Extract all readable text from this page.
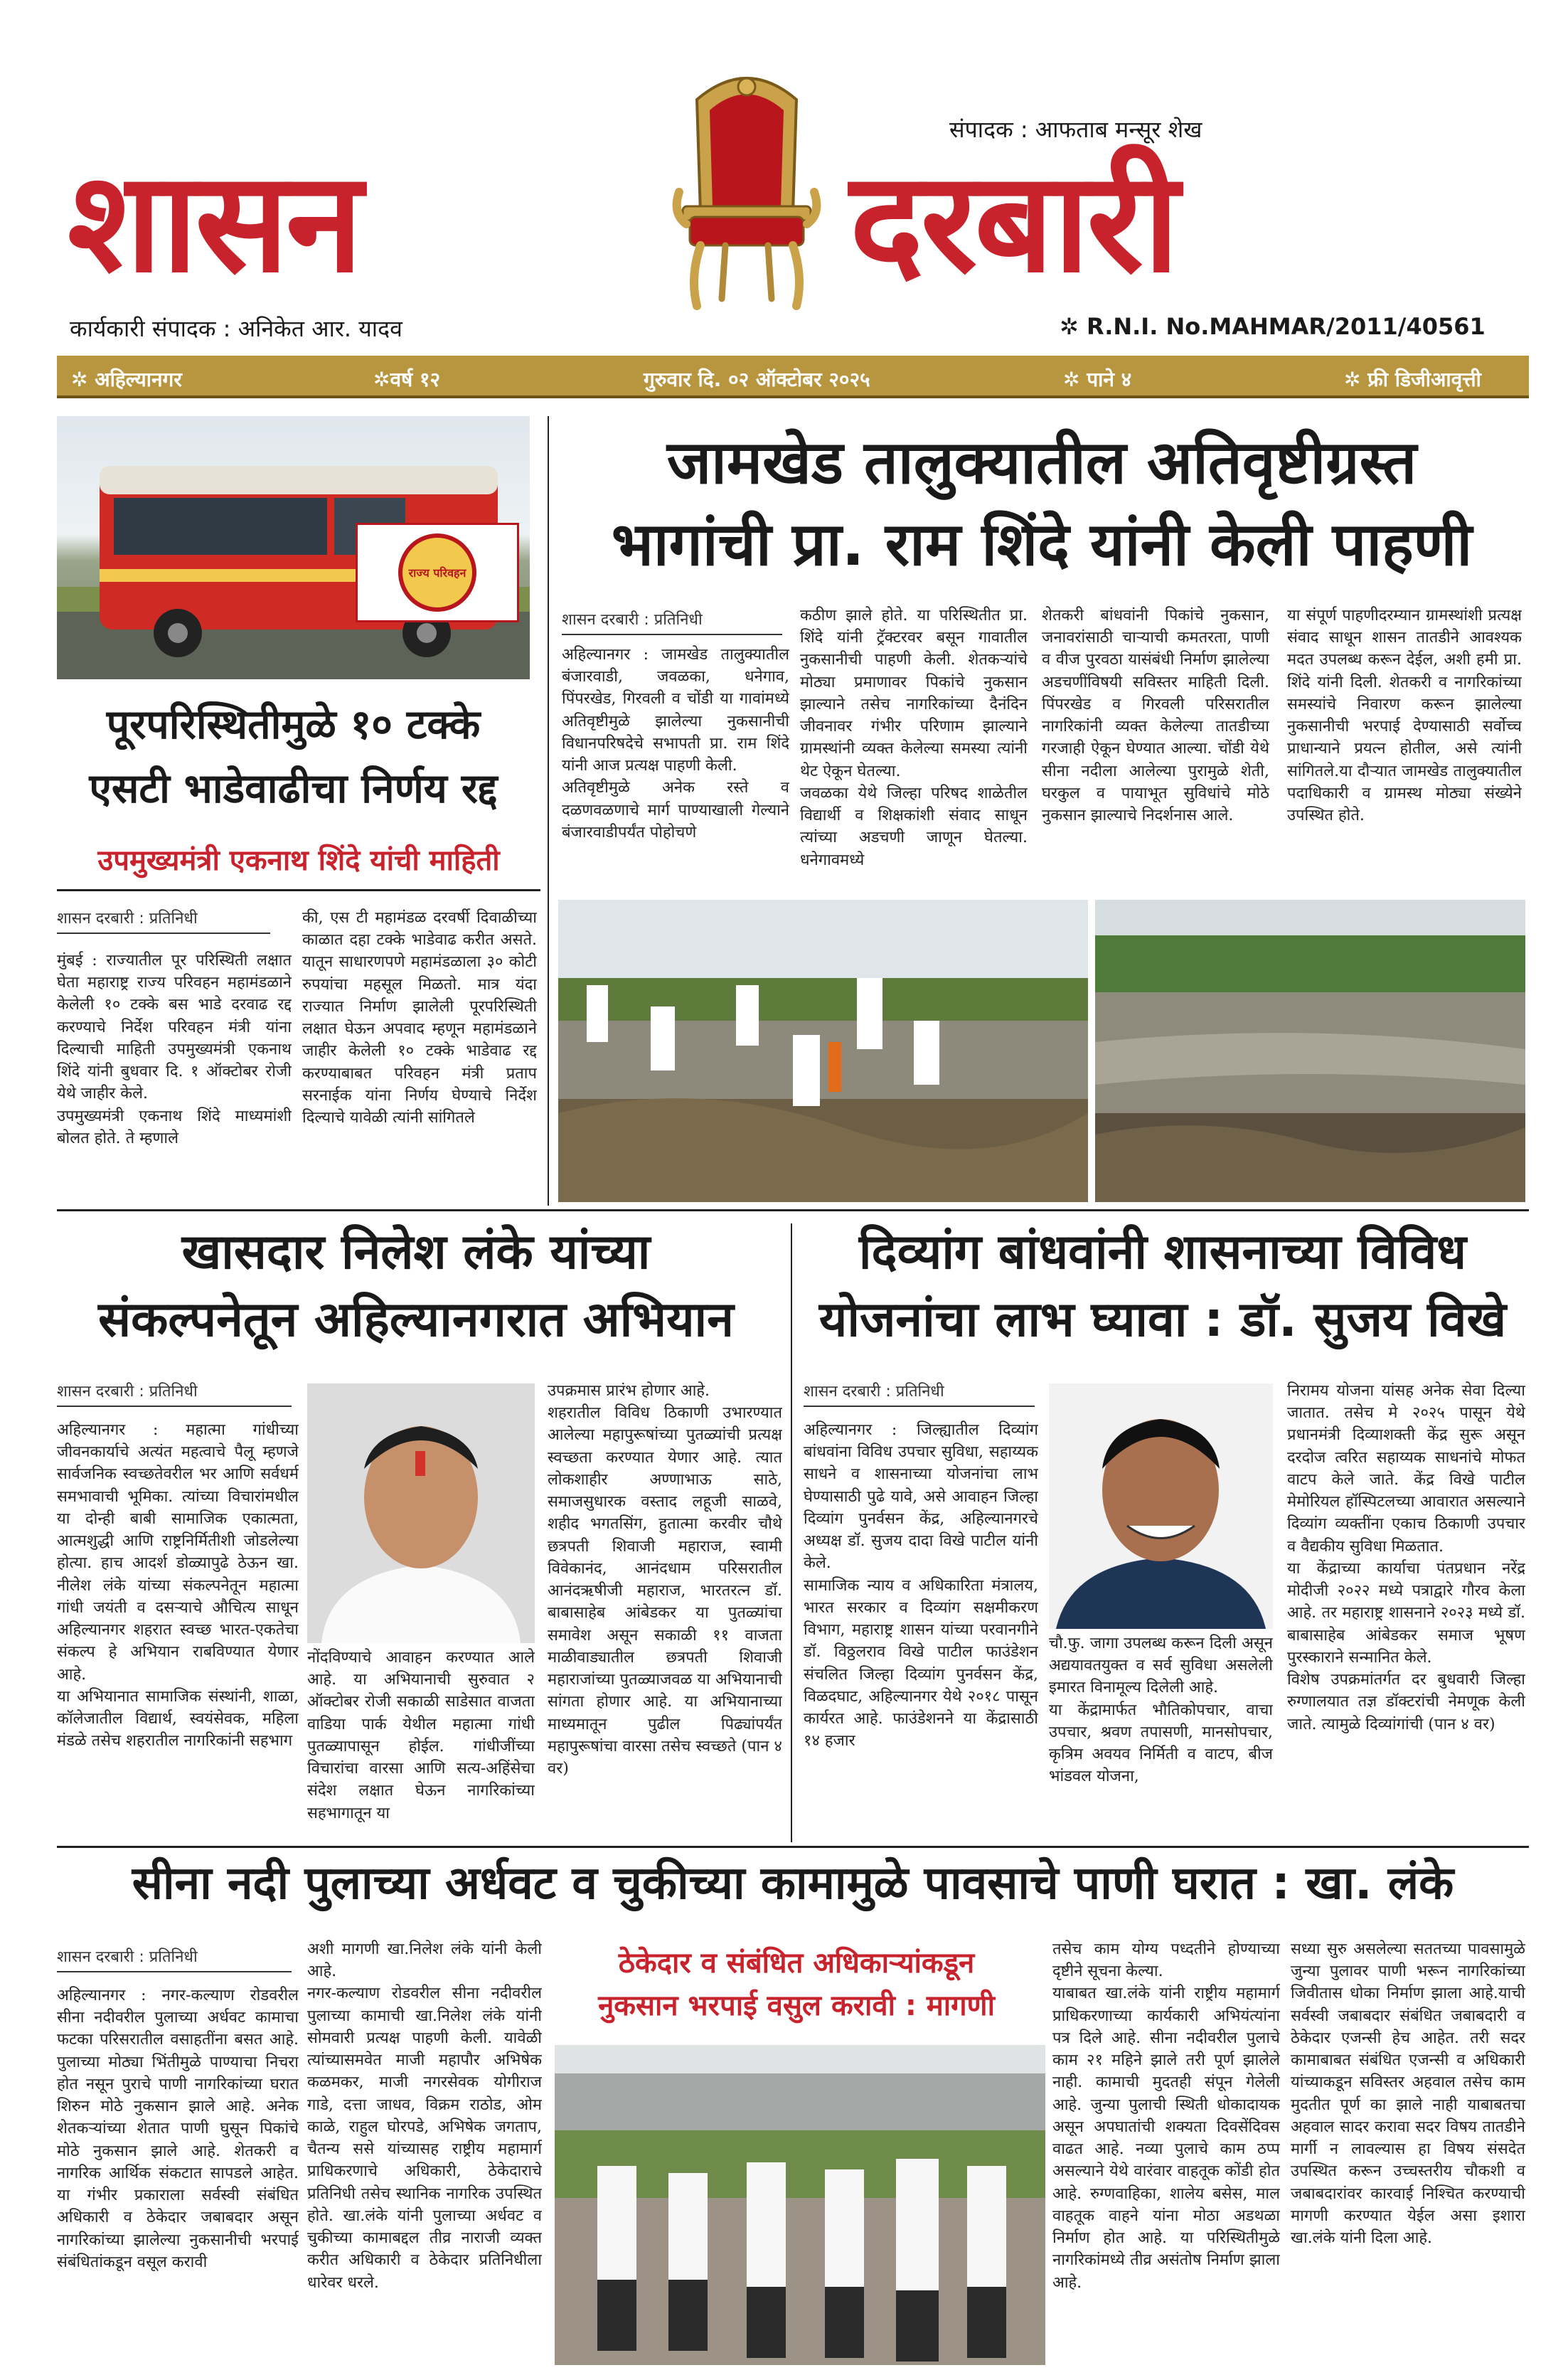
संपादक : आफताब मन्सूर शेख
शासन	दरबारी
कार्यकारी संपादक : अनिकेत आर. यादव	✲ R.N.I. No.MAHMAR/2011/40561
✲ अहिल्यानगर	✲वर्ष १२	गुरुवार दि. ०२ ऑक्टोबर २०२५	✲ पाने ४	✲ फ्री डिजीआवृत्ती
राज्य परिवहन
पूरपरिस्थितीमुळे १० टक्के
एसटी भाडेवाढीचा निर्णय रद्द
उपमुख्यमंत्री एकनाथ शिंदे यांची माहिती
शासन दरबारी : प्रतिनिधी
मुंबई : राज्यातील पूर परिस्थिती लक्षात घेता महाराष्ट्र राज्य परिवहन महामंडळाने केलेली १० टक्के बस भाडे दरवाढ रद्द करण्याचे निर्देश परिवहन मंत्री यांना दिल्याची माहिती उपमुख्यमंत्री एकनाथ शिंदे यांनी बुधवार दि. १ ऑक्टोबर रोजी येथे जाहीर केले.
उपमुख्यमंत्री एकनाथ शिंदे माध्यमांशी बोलत होते. ते म्हणाले
की, एस टी महामंडळ दरवर्षी दिवाळीच्या काळात दहा टक्के भाडेवाढ करीत असते. यातून साधारणपणे महामंडळाला ३० कोटी रुपयांचा महसूल मिळतो. मात्र यंदा राज्यात निर्माण झालेली पूरपरिस्थिती लक्षात घेऊन अपवाद म्हणून महामंडळाने जाहीर केलेली १० टक्के भाडेवाढ रद्द करण्याबाबत परिवहन मंत्री प्रताप सरनाईक यांना निर्णय घेण्याचे निर्देश दिल्याचे यावेळी त्यांनी सांगितले
जामखेड तालुक्यातील अतिवृष्टीग्रस्त
भागांची प्रा. राम शिंदे यांनी केली पाहणी
शासन दरबारी : प्रतिनिधी
अहिल्यानगर : जामखेड तालुक्यातील बंजारवाडी, जवळका, धनेगाव, पिंपरखेड, गिरवली व चोंडी या गावांमध्ये अतिवृष्टीमुळे झालेल्या नुकसानीची विधानपरिषदेचे सभापती प्रा. राम शिंदे यांनी आज प्रत्यक्ष पाहणी केली.
अतिवृष्टीमुळे अनेक रस्ते व दळणवळणाचे मार्ग पाण्याखाली गेल्याने बंजारवाडीपर्यंत पोहोचणे
कठीण झाले होते. या परिस्थितीत प्रा. शिंदे यांनी ट्रॅक्टरवर बसून गावातील नुकसानीची पाहणी केली. शेतकऱ्यांचे मोठ्या प्रमाणावर पिकांचे नुकसान झाल्याने तसेच नागरिकांच्या दैनंदिन जीवनावर गंभीर परिणाम झाल्याने ग्रामस्थांनी व्यक्त केलेल्या समस्या त्यांनी थेट ऐकून घेतल्या.
जवळका येथे जिल्हा परिषद शाळेतील विद्यार्थी व शिक्षकांशी संवाद साधून त्यांच्या अडचणी जाणून घेतल्या. धनेगावमध्ये
शेतकरी बांधवांनी पिकांचे नुकसान, जनावरांसाठी चाऱ्याची कमतरता, पाणी व वीज पुरवठा यासंबंधी निर्माण झालेल्या अडचणींविषयी सविस्तर माहिती दिली. पिंपरखेड व गिरवली परिसरातील नागरिकांनी व्यक्त केलेल्या तातडीच्या गरजाही ऐकून घेण्यात आल्या. चोंडी येथे सीना नदीला आलेल्या पुरामुळे शेती, घरकुल व पायाभूत सुविधांचे मोठे नुकसान झाल्याचे निदर्शनास आले.
या संपूर्ण पाहणीदरम्यान ग्रामस्थांशी प्रत्यक्ष संवाद साधून शासन तातडीने आवश्यक मदत उपलब्ध करून देईल, अशी हमी प्रा. शिंदे यांनी दिली. शेतकरी व नागरिकांच्या समस्यांचे निवारण करून झालेल्या नुकसानीची भरपाई देण्यासाठी सर्वोच्च प्राधान्याने प्रयत्न होतील, असे त्यांनी सांगितले.या दौऱ्यात जामखेड तालुक्यातील पदाधिकारी व ग्रामस्थ मोठ्या संख्येने उपस्थित होते.
खासदार निलेश लंके यांच्या
संकल्पनेतून अहिल्यानगरात अभियान
शासन दरबारी : प्रतिनिधी
अहिल्यानगर : महात्मा गांधीच्या जीवनकार्याचे अत्यंत महत्वाचे पैलू म्हणजे सार्वजनिक स्वच्छतेवरील भर आणि सर्वधर्म समभावाची भूमिका. त्यांच्या विचारांमधील या दोन्ही बाबी सामाजिक एकात्मता, आत्मशुद्धी आणि राष्ट्रनिर्मितीशी जोडलेल्या होत्या. हाच आदर्श डोळ्यापुढे ठेऊन खा. नीलेश लंके यांच्या संकल्पनेतून महात्मा गांधी जयंती व दसऱ्याचे औचित्य साधून अहिल्यानगर शहरात स्वच्छ भारत-एकतेचा संकल्प हे अभियान राबविण्यात येणार आहे.
या अभियानात सामाजिक संस्थांनी, शाळा, कॉलेजातील विद्यार्थ, स्वयंसेवक, महिला मंडळे तसेच शहरातील नागरिकांनी सहभाग
नोंदविण्याचे आवाहन करण्यात आले आहे. या अभियानाची सुरुवात २ ऑक्टोबर रोजी सकाळी साडेसात वाजता वाडिया पार्क येथील महात्मा गांधी पुतळ्यापासून होईल. गांधीजींच्या विचारांचा वारसा आणि सत्य-अहिंसेचा संदेश लक्षात घेऊन नागरिकांच्या सहभागातून या
उपक्रमास प्रारंभ होणार आहे.
शहरातील विविध ठिकाणी उभारण्यात आलेल्या महापुरूषांच्या पुतळ्यांची प्रत्यक्ष स्वच्छता करण्यात येणार आहे. त्यात लोकशाहीर अण्णाभाऊ साठे, समाजसुधारक वस्ताद लहूजी साळवे, शहीद भगतसिंग, हुतात्मा करवीर चौथे छत्रपती शिवाजी महाराज, स्वामी विवेकानंद, आनंदधाम परिसरातील आनंदऋषीजी महाराज, भारतरत्न डॉ. बाबासाहेब आंबेडकर या पुतळ्यांचा समावेश असून सकाळी ११ वाजता माळीवाड्यातील छत्रपती शिवाजी महाराजांच्या पुतळ्याजवळ या अभियानाची सांगता होणार आहे. या अभियानाच्या माध्यमातून पुढील पिढ्यांपर्यंत महापुरूषांचा वारसा तसेच स्वच्छते (पान ४ वर)
दिव्यांग बांधवांनी शासनाच्या विविध
योजनांचा लाभ घ्यावा : डॉ. सुजय विखे
शासन दरबारी : प्रतिनिधी
अहिल्यानगर : जिल्ह्यातील दिव्यांग बांधवांना विविध उपचार सुविधा, सहाय्यक साधने व शासनाच्या योजनांचा लाभ घेण्यासाठी पुढे यावे, असे आवाहन जिल्हा दिव्यांग पुनर्वसन केंद्र, अहिल्यानगरचे अध्यक्ष डॉ. सुजय दादा विखे पाटील यांनी केले.
सामाजिक न्याय व अधिकारिता मंत्रालय, भारत सरकार व दिव्यांग सक्षमीकरण विभाग, महाराष्ट्र शासन यांच्या परवानगीने डॉ. विठ्ठलराव विखे पाटील फाउंडेशन संचलित जिल्हा दिव्यांग पुनर्वसन केंद्र, विळदघाट, अहिल्यानगर येथे २०१८ पासून कार्यरत आहे. फाउंडेशनने या केंद्रासाठी १४ हजार
चौ.फु. जागा उपलब्ध करून दिली असून अद्ययावतयुक्त व सर्व सुविधा असलेली इमारत विनामूल्य दिलेली आहे.
या केंद्रामार्फत भौतिकोपचार, वाचा उपचार, श्रवण तपासणी, मानसोपचार, कृत्रिम अवयव निर्मिती व वाटप, बीज भांडवल योजना,
निरामय योजना यांसह अनेक सेवा दिल्या जातात. तसेच मे २०२५ पासून येथे प्रधानमंत्री दिव्याशक्ती केंद्र सुरू असून दरदोज त्वरित सहाय्यक साधनांचे मोफत वाटप केले जाते. केंद्र विखे पाटील मेमोरियल हॉस्पिटलच्या आवारात असल्याने दिव्यांग व्यक्तींना एकाच ठिकाणी उपचार व वैद्यकीय सुविधा मिळतात.
या केंद्राच्या कार्याचा पंतप्रधान नरेंद्र मोदीजी २०२२ मध्ये पत्राद्वारे गौरव केला आहे. तर महाराष्ट्र शासनाने २०२३ मध्ये डॉ. बाबासाहेब आंबेडकर समाज भूषण पुरस्काराने सन्मानित केले.
विशेष उपक्रमांतर्गत दर बुधवारी जिल्हा रुग्णालयात तज्ञ डॉक्टरांची नेमणूक केली जाते. त्यामुळे दिव्यांगांची (पान ४ वर)
सीना नदी पुलाच्या अर्धवट व चुकीच्या कामामुळे पावसाचे पाणी घरात : खा. लंके
शासन दरबारी : प्रतिनिधी
अहिल्यानगर : नगर-कल्याण रोडवरील सीना नदीवरील पुलाच्या अर्धवट कामाचा फटका परिसरातील वसाहतींना बसत आहे. पुलाच्या मोठ्या भिंतीमुळे पाण्याचा निचरा होत नसून पुराचे पाणी नागरिकांच्या घरात शिरुन मोठे नुकसान झाले आहे. अनेक शेतकऱ्यांच्या शेतात पाणी घुसून पिकांचे मोठे नुकसान झाले आहे. शेतकरी व नागरिक आर्थिक संकटात सापडले आहेत. या गंभीर प्रकाराला सर्वस्वी संबंधित अधिकारी व ठेकेदार जबाबदार असून नागरिकांच्या झालेल्या नुकसानीची भरपाई संबंधितांकडून वसूल करावी
अशी मागणी खा.निलेश लंके यांनी केली आहे.
नगर-कल्याण रोडवरील सीना नदीवरील पुलाच्या कामाची खा.निलेश लंके यांनी सोमवारी प्रत्यक्ष पाहणी केली. यावेळी त्यांच्यासमवेत माजी महापौर अभिषेक कळमकर, माजी नगरसेवक योगीराज गाडे, दत्ता जाधव, विक्रम राठोड, ओम काळे, राहुल घोरपडे, अभिषेक जगताप, चैतन्य ससे यांच्यासह राष्ट्रीय महामार्ग प्राधिकरणाचे अधिकारी, ठेकेदाराचे प्रतिनिधी तसेच स्थानिक नागरिक उपस्थित होते. खा.लंके यांनी पुलाच्या अर्धवट व चुकीच्या कामाबद्दल तीव्र नाराजी व्यक्त करीत अधिकारी व ठेकेदार प्रतिनिधीला धारेवर धरले.
ठेकेदार व संबंधित अधिकाऱ्यांकडून
नुकसान भरपाई वसुल करावी : मागणी
तसेच काम योग्य पध्दतीने होण्याच्या दृष्टीने सूचना केल्या.
याबाबत खा.लंके यांनी राष्ट्रीय महामार्ग प्राधिकरणाच्या कार्यकारी अभियंत्यांना पत्र दिले आहे. सीना नदीवरील पुलाचे काम २१ महिने झाले तरी पूर्ण झालेले नाही. कामाची मुदतही संपून गेलेली आहे. जुन्या पुलाची स्थिती धोकादायक असून अपघातांची शक्यता दिवसेंदिवस वाढत आहे. नव्या पुलाचे काम ठप्प असल्याने येथे वारंवार वाहतूक कोंडी होत आहे. रुग्णवाहिका, शालेय बसेस, माल वाहतूक वाहने यांना मोठा अडथळा निर्माण होत आहे. या परिस्थितीमुळे नागरिकांमध्ये तीव्र असंतोष निर्माण झाला आहे.
सध्या सुरु असलेल्या सततच्या पावसामुळे जुन्या पुलावर पाणी भरून नागरिकांच्या जिवीतास धोका निर्माण झाला आहे.याची सर्वस्वी जबाबदार संबंधित जबाबदारी व ठेकेदार एजन्सी हेच आहेत. तरी सदर कामाबाबत संबंधित एजन्सी व अधिकारी यांच्याकडून सविस्तर अहवाल तसेच काम मुदतीत पूर्ण का झाले नाही याबाबतचा अहवाल सादर करावा सदर विषय तातडीने मार्गी न लावल्यास हा विषय संसदेत उपस्थित करून उच्चस्तरीय चौकशी व जबाबदारांवर कारवाई निश्चित करण्याची मागणी करण्यात येईल असा इशारा खा.लंके यांनी दिला आहे.
